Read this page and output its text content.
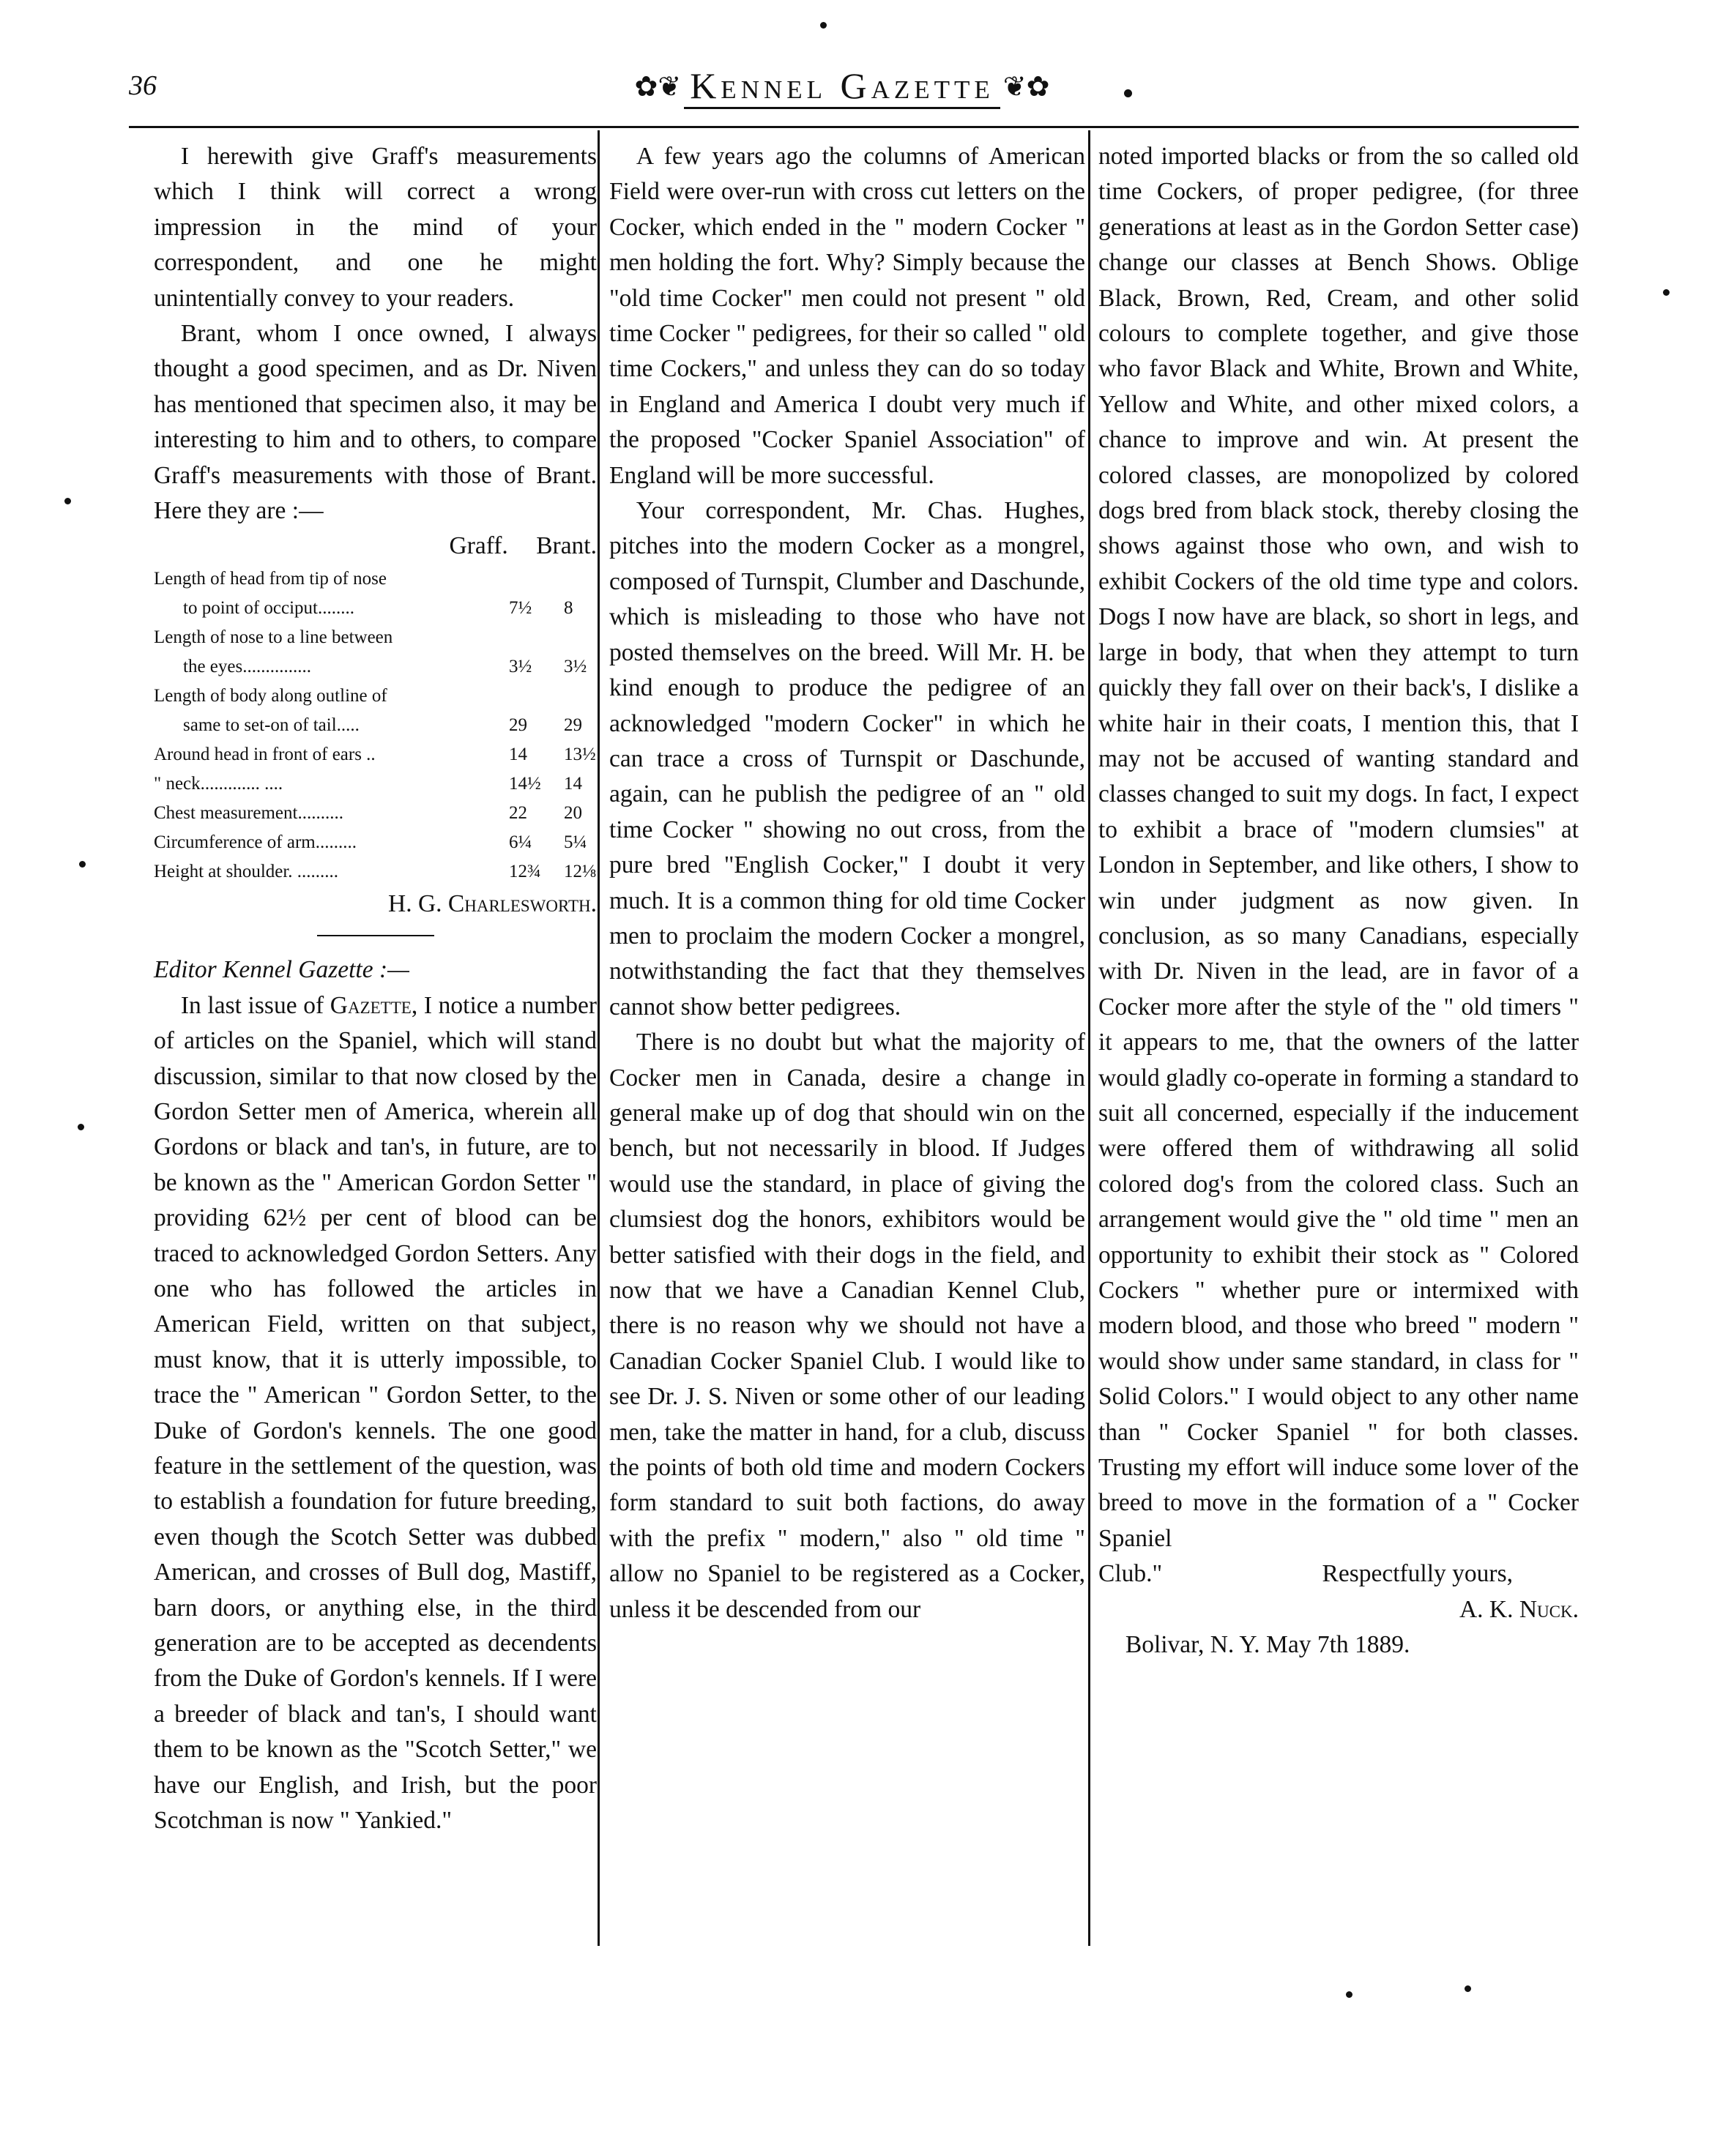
36	✿❦ Kennel Gazette ❦✿

I herewith give Graff's measurements which I think will correct a wrong impression in the mind of your correspondent, and one he might unintentially convey to your readers.

Brant, whom I once owned, I always thought a good specimen, and as Dr. Niven has mentioned that specimen also, it may be interesting to him and to others, to compare Graff's measurements with those of Brant. Here they are :—

Graff. Brant.

Length of head from tip of nose
to point of occiput........	7½	8
Length of nose to a line between
the eyes...............	3½	3½
Length of body along outline of
same to set-on of tail.....	29	29
Around head in front of ears ..	14	13½
" neck............. ....	14½	14
Chest measurement..........	22	20
Circumference of arm.........	6¼	5¼
Height at shoulder. .........	12¾	12⅛

H. G. Charlesworth.

Editor Kennel Gazette :—

In last issue of Gazette, I notice a number of articles on the Spaniel, which will stand discussion, similar to that now closed by the Gordon Setter men of America, wherein all Gordons or black and tan's, in future, are to be known as the " American Gordon Setter " providing 62½ per cent of blood can be traced to acknowledged Gordon Setters. Any one who has followed the articles in American Field, written on that subject, must know, that it is utterly impossible, to trace the " American " Gordon Setter, to the Duke of Gordon's kennels. The one good feature in the settlement of the question, was to establish a foundation for future breeding, even though the Scotch Setter was dubbed American, and crosses of Bull dog, Mastiff, barn doors, or anything else, in the third generation are to be accepted as decendents from the Duke of Gordon's kennels. If I were a breeder of black and tan's, I should want them to be known as the "Scotch Setter," we have our English, and Irish, but the poor Scotchman is now " Yankied."

A few years ago the columns of American Field were over-run with cross cut letters on the Cocker, which ended in the " modern Cocker " men holding the fort. Why? Simply because the "old time Cocker" men could not present " old time Cocker " pedigrees, for their so called " old time Cockers," and unless they can do so today in England and America I doubt very much if the proposed "Cocker Spaniel Association" of England will be more successful.

Your correspondent, Mr. Chas. Hughes, pitches into the modern Cocker as a mongrel, composed of Turnspit, Clumber and Daschunde, which is misleading to those who have not posted themselves on the breed. Will Mr. H. be kind enough to produce the pedigree of an acknowledged "modern Cocker" in which he can trace a cross of Turnspit or Daschunde, again, can he publish the pedigree of an " old time Cocker " showing no out cross, from the pure bred "English Cocker," I doubt it very much. It is a common thing for old time Cocker men to proclaim the modern Cocker a mongrel, notwithstanding the fact that they themselves cannot show better pedigrees.

There is no doubt but what the majority of Cocker men in Canada, desire a change in general make up of dog that should win on the bench, but not necessarily in blood. If Judges would use the standard, in place of giving the clumsiest dog the honors, exhibitors would be better satisfied with their dogs in the field, and now that we have a Canadian Kennel Club, there is no reason why we should not have a Canadian Cocker Spaniel Club. I would like to see Dr. J. S. Niven or some other of our leading men, take the matter in hand, for a club, discuss the points of both old time and modern Cockers form standard to suit both factions, do away with the prefix " modern," also " old time " allow no Spaniel to be registered as a Cocker, unless it be descended from our

noted imported blacks or from the so called old time Cockers, of proper pedigree, (for three generations at least as in the Gordon Setter case) change our classes at Bench Shows. Oblige Black, Brown, Red, Cream, and other solid colours to complete together, and give those who favor Black and White, Brown and White, Yellow and White, and other mixed colors, a chance to improve and win. At present the colored classes, are monopolized by colored dogs bred from black stock, thereby closing the shows against those who own, and wish to exhibit Cockers of the old time type and colors. Dogs I now have are black, so short in legs, and large in body, that when they attempt to turn quickly they fall over on their back's, I dislike a white hair in their coats, I mention this, that I may not be accused of wanting standard and classes changed to suit my dogs. In fact, I expect to exhibit a brace of "modern clumsies" at London in September, and like others, I show to win under judgment as now given. In conclusion, as so many Canadians, especially with Dr. Niven in the lead, are in favor of a Cocker more after the style of the " old timers " it appears to me, that the owners of the latter would gladly co-operate in forming a standard to suit all concerned, especially if the inducement were offered them of withdrawing all solid colored dog's from the colored class. Such an arrangement would give the " old time " men an opportunity to exhibit their stock as " Colored Cockers " whether pure or intermixed with modern blood, and those who breed " modern " would show under same standard, in class for " Solid Colors." I would object to any other name than " Cocker Spaniel " for both classes. Trusting my effort will induce some lover of the breed to move in the formation of a " Cocker Spaniel

Club."	Respectfully yours,

A. K. Nuck.

Bolivar, N. Y. May 7th 1889.
